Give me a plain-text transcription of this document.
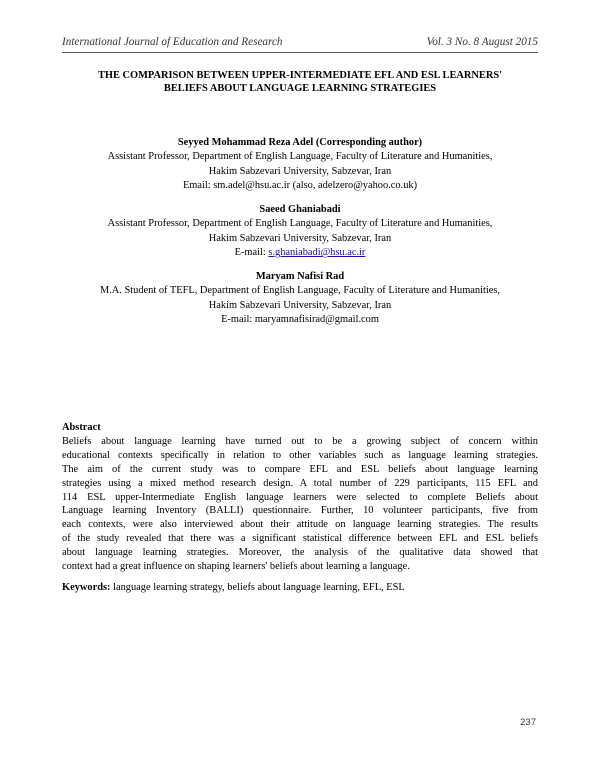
International Journal of Education and Research	Vol. 3 No. 8 August 2015
THE COMPARISON BETWEEN UPPER-INTERMEDIATE EFL AND ESL LEARNERS'
BELIEFS ABOUT LANGUAGE LEARNING STRATEGIES
Seyyed Mohammad Reza Adel (Corresponding author)
Assistant Professor, Department of English Language, Faculty of Literature and Humanities,
Hakim Sabzevari University, Sabzevar, Iran
Email: sm.adel@hsu.ac.ir (also, adelzero@yahoo.co.uk)
Saeed Ghaniabadi
Assistant Professor, Department of English Language, Faculty of Literature and Humanities,
Hakim Sabzevari University, Sabzevar, Iran
E-mail: s.ghaniabadi@hsu.ac.ir
Maryam Nafisi Rad
M.A. Student of TEFL, Department of English Language, Faculty of Literature and Humanities,
Hakim Sabzevari University, Sabzevar, Iran
E-mail: maryamnafisirad@gmail.com
Abstract
Beliefs about language learning have turned out to be a growing subject of concern within
educational contexts specifically in relation to other variables such as language learning strategies.
The aim of the current study was to compare EFL and ESL beliefs about language learning
strategies using a mixed method research design. A total number of 229 participants, 115 EFL and
114 ESL upper-Intermediate English language learners were selected to complete Beliefs about
Language learning Inventory (BALLI) questionnaire. Further, 10 volunteer participants, five from
each contexts, were also interviewed about their attitude on language learning strategies. The results
of the study revealed that there was a significant statistical difference between EFL and ESL beliefs
about language learning strategies. Moreover, the analysis of the qualitative data showed that
context had a great influence on shaping learners' beliefs about learning a language.
Keywords: language learning strategy, beliefs about language learning, EFL, ESL
237
